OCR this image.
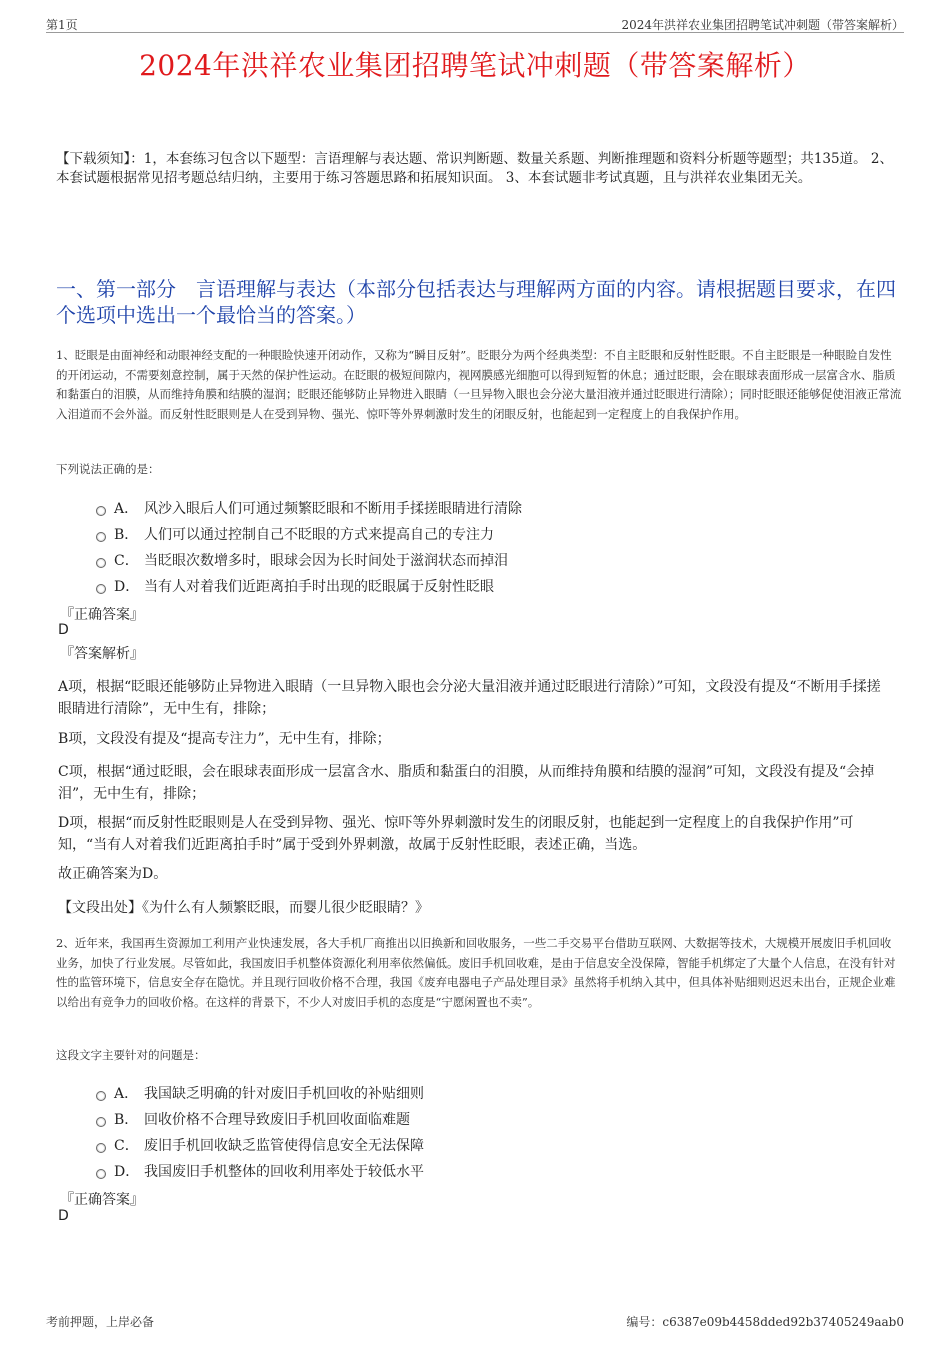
第1页	2024年洪祥农业集团招聘笔试冲刺题（带答案解析）
2024年洪祥农业集团招聘笔试冲刺题（带答案解析）
【下载须知】：1，本套练习包含以下题型：言语理解与表达题、常识判断题、数量关系题、判断推理题和资料分析题等题型；共135道。 2、本套试题根据常见招考题总结归纳，主要用于练习答题思路和拓展知识面。 3、本套试题非考试真题，且与洪祥农业集团无关。
一、第一部分　言语理解与表达（本部分包括表达与理解两方面的内容。请根据题目要求，在四个选项中选出一个最恰当的答案。）
1、眨眼是由面神经和动眼神经支配的一种眼睑快速开闭动作，又称为“瞬目反射”。眨眼分为两个经典类型：不自主眨眼和反射性眨眼。不自主眨眼是一种眼睑自发性的开闭运动，不需要刻意控制，属于天然的保护性运动。在眨眼的极短间隙内，视网膜感光细胞可以得到短暂的休息；通过眨眼，会在眼球表面形成一层富含水、脂质和黏蛋白的泪膜，从而维持角膜和结膜的湿润；眨眼还能够防止异物进入眼睛（一旦异物入眼也会分泌大量泪液并通过眨眼进行清除）；同时眨眼还能够促使泪液正常流入泪道而不会外溢。而反射性眨眼则是人在受到异物、强光、惊吓等外界刺激时发生的闭眼反射，也能起到一定程度上的自我保护作用。
下列说法正确的是：
A． 风沙入眼后人们可通过频繁眨眼和不断用手揉搓眼睛进行清除
B． 人们可以通过控制自己不眨眼的方式来提高自己的专注力
C． 当眨眼次数增多时，眼球会因为长时间处于滋润状态而掉泪
D． 当有人对着我们近距离拍手时出现的眨眼属于反射性眨眼
『正确答案』
D
『答案解析』
A项，根据“眨眼还能够防止异物进入眼睛（一旦异物入眼也会分泌大量泪液并通过眨眼进行清除）”可知，文段没有提及“不断用手揉搓眼睛进行清除”，无中生有，排除；
B项，文段没有提及“提高专注力”，无中生有，排除；
C项，根据“通过眨眼，会在眼球表面形成一层富含水、脂质和黏蛋白的泪膜，从而维持角膜和结膜的湿润”可知，文段没有提及“会掉泪”，无中生有，排除；
D项，根据“而反射性眨眼则是人在受到异物、强光、惊吓等外界刺激时发生的闭眼反射，也能起到一定程度上的自我保护作用”可知，“当有人对着我们近距离拍手时”属于受到外界刺激，故属于反射性眨眼，表述正确，当选。
故正确答案为D。
【文段出处】《为什么有人频繁眨眼，而婴儿很少眨眼睛？》
2、近年来，我国再生资源加工利用产业快速发展，各大手机厂商推出以旧换新和回收服务，一些二手交易平台借助互联网、大数据等技术，大规模开展废旧手机回收业务，加快了行业发展。尽管如此，我国废旧手机整体资源化利用率依然偏低。废旧手机回收难，是由于信息安全没保障，智能手机绑定了大量个人信息，在没有针对性的监管环境下，信息安全存在隐忧。并且现行回收价格不合理，我国《废弃电器电子产品处理目录》虽然将手机纳入其中，但具体补贴细则迟迟未出台，正规企业难以给出有竞争力的回收价格。在这样的背景下，不少人对废旧手机的态度是“宁愿闲置也不卖”。
这段文字主要针对的问题是：
A． 我国缺乏明确的针对废旧手机回收的补贴细则
B． 回收价格不合理导致废旧手机回收面临难题
C． 废旧手机回收缺乏监管使得信息安全无法保障
D． 我国废旧手机整体的回收利用率处于较低水平
『正确答案』
D
考前押题，上岸必备	编号：c6387e09b4458dded92b37405249aab0
